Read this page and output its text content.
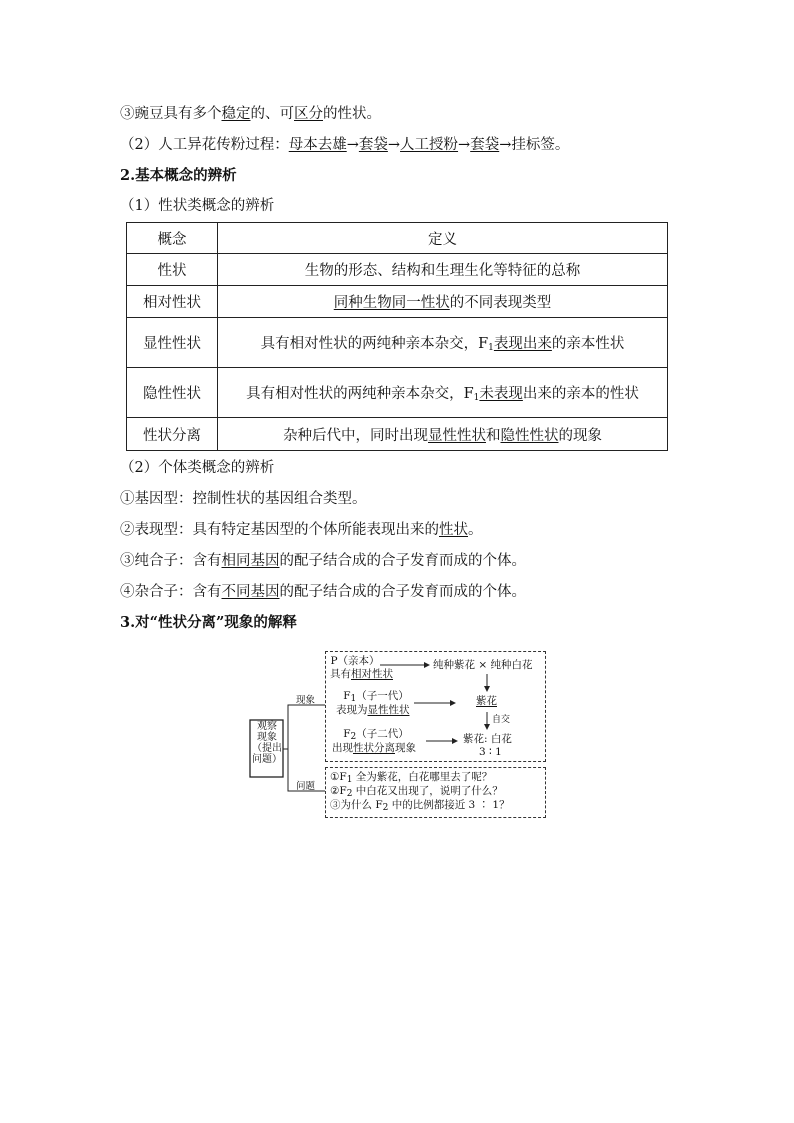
③豌豆具有多个稳定的、可区分的性状。
（2）人工异花传粉过程：母本去雄→套袋→人工授粉→套袋→挂标签。
2.基本概念的辨析
（1）性状类概念的辨析
概念	定义
性状	生物的形态、结构和生理生化等特征的总称
相对性状	同种生物同一性状的不同表现类型
显性性状	具有相对性状的两纯种亲本杂交，$F_1$表现出来的亲本性状
隐性性状	具有相对性状的两纯种亲本杂交，$F_1$未表现出来的亲本的性状
性状分离	杂种后代中，同时出现显性性状和隐性性状的现象
（2）个体类概念的辨析
①基因型：控制性状的基因组合类型。
②表现型：具有特定基因型的个体所能表现出来的性状。
③纯合子：含有相同基因的配子结合成的合子发育而成的个体。
④杂合子：含有不同基因的配子结合成的合子发育而成的个体。
3.对“性状分离”现象的解释
观察
现象
（提出
问题）
现象
问题
P（亲本）
具有相对性状
$F_1$（子一代）
表现为显性性状
$F_2$（子二代）
出现性状分离现象
纯种紫花 × 纯种白花
紫花
自交
紫花: 白花
3 ∶ 1
$①F_1$ 全为紫花，白花哪里去了呢？
$②F_2$ 中白花又出现了，说明了什么？
③为什么 $F_2$ 中的比例都接近 3 ∶ 1？
